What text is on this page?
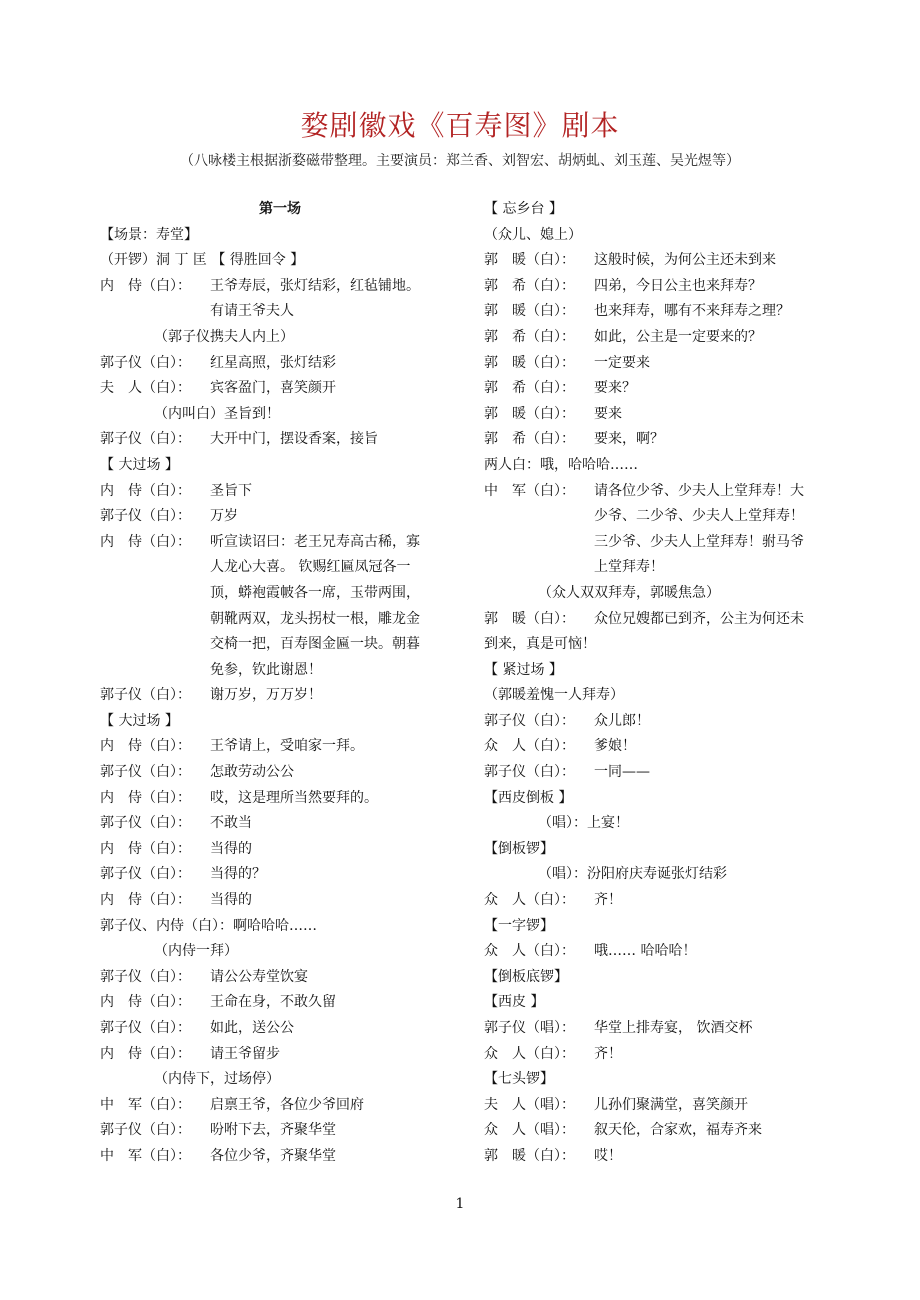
婺剧徽戏《百寿图》剧本
（八咏楼主根据浙婺磁带整理。主要演员：郑兰香、刘智宏、胡炳虬、刘玉莲、吴光煜等）
第一场
【场景：寿堂】
（开锣）洞 丁 匡 【 得胜回令 】
内　侍（白）： 王爷寿辰，张灯结彩，红毡铺地。
有请王爷夫人
（郭子仪携夫人内上）
郭子仪（白）： 红星高照，张灯结彩
夫　人（白）： 宾客盈门，喜笑颜开
（内叫白）圣旨到！
郭子仪（白）： 大开中门，摆设香案，接旨
【 大过场 】
内　侍（白）： 圣旨下
郭子仪（白）： 万岁
内　侍（白）： 听宣读诏曰：老王兄寿高古稀，寡
人龙心大喜。 钦赐红匾凤冠各一
顶，蟒袍霞帔各一席，玉带两围，
朝靴两双，龙头拐杖一根，雕龙金
交椅一把，百寿图金匾一块。朝暮
免参，钦此谢恩！
郭子仪（白）： 谢万岁，万万岁！
【 大过场 】
内　侍（白）： 王爷请上，受咱家一拜。
郭子仪（白）： 怎敢劳动公公
内　侍（白）： 哎，这是理所当然要拜的。
郭子仪（白）： 不敢当
内　侍（白）： 当得的
郭子仪（白）： 当得的？
内　侍（白）： 当得的
郭子仪、内侍（白）：啊哈哈哈……
（内侍一拜）
郭子仪（白）： 请公公寿堂饮宴
内　侍（白）： 王命在身，不敢久留
郭子仪（白）： 如此，送公公
内　侍（白）： 请王爷留步
（内侍下，过场停）
中　军（白）： 启禀王爷，各位少爷回府
郭子仪（白）： 吩咐下去，齐聚华堂
中　军（白）： 各位少爷，齐聚华堂
【 忘乡台 】
（众儿、媳上）
郭　暖（白）： 这般时候，为何公主还未到来
郭　希（白）： 四弟，今日公主也来拜寿？
郭　暖（白）： 也来拜寿，哪有不来拜寿之理？
郭　希（白）： 如此，公主是一定要来的？
郭　暖（白）： 一定要来
郭　希（白）： 要来？
郭　暖（白）： 要来
郭　希（白）： 要来，啊？
两人白：哦，哈哈哈……
中　军（白）： 请各位少爷、少夫人上堂拜寿！大
少爷、二少爷、少夫人上堂拜寿！
三少爷、少夫人上堂拜寿！驸马爷
上堂拜寿！
（众人双双拜寿，郭暖焦急）
郭　暖（白）： 众位兄嫂都已到齐，公主为何还未
到来，真是可恼！
【 紧过场 】
（郭暖羞愧一人拜寿）
郭子仪（白）： 众儿郎！
众　人（白）： 爹娘！
郭子仪（白）： 一同——
【西皮倒板 】
（唱）：上宴！
【倒板锣】
（唱）：汾阳府庆寿诞张灯结彩
众　人（白）： 齐！
【一字锣】
众　人（白）： 哦…… 哈哈哈！
【倒板底锣】
【西皮 】
郭子仪（唱）： 华堂上排寿宴， 饮酒交杯
众　人（白）： 齐！
【七头锣】
夫　人（唱）： 儿孙们聚满堂，喜笑颜开
众　人（唱）： 叙天伦，合家欢，福寿齐来
郭　暖（白）： 哎！
1
